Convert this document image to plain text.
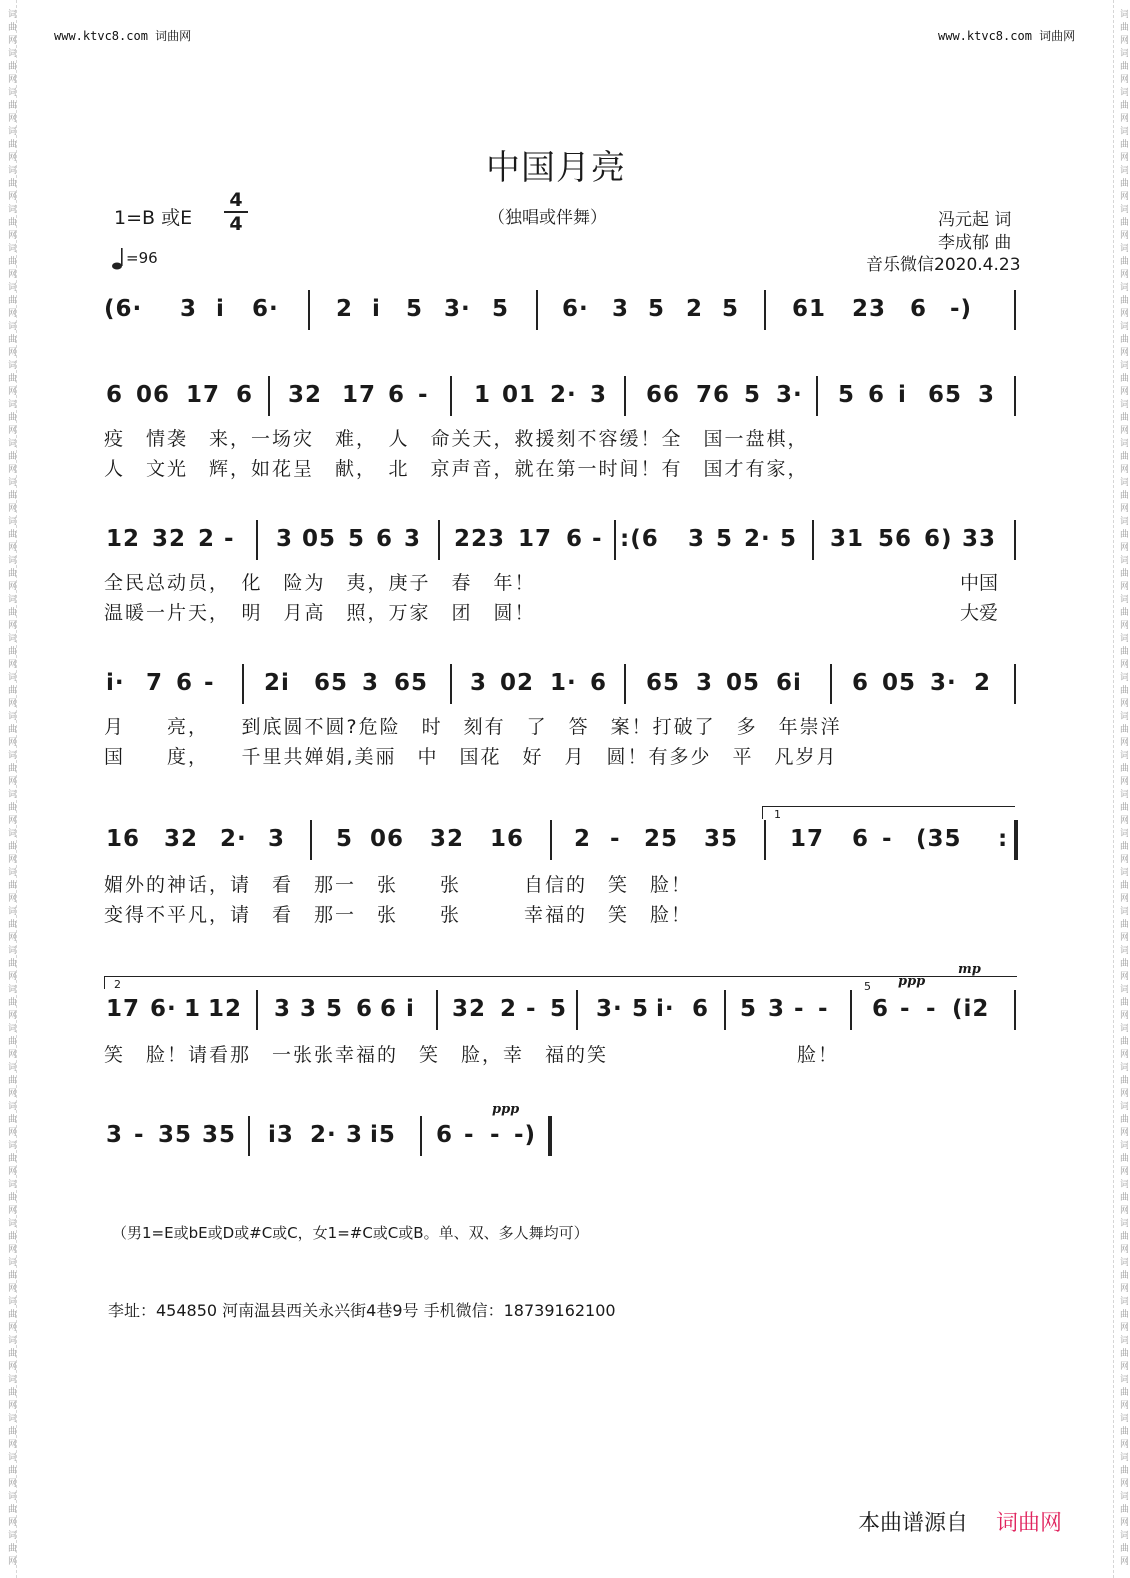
词曲网词曲网词曲网词曲网词曲网词曲网词曲网词曲网词曲网词曲网词曲网词曲网词曲网词曲网词曲网词曲网词曲网词曲网词曲网词曲网词曲网词曲网词曲网词曲网词曲网词曲网词曲网词曲网词曲网词曲网词曲网词曲网词曲网词曲网词曲网词曲网词曲网词曲网词曲网词曲网	词曲网词曲网词曲网词曲网词曲网词曲网词曲网词曲网词曲网词曲网词曲网词曲网词曲网词曲网词曲网词曲网词曲网词曲网词曲网词曲网词曲网词曲网词曲网词曲网词曲网词曲网词曲网词曲网词曲网词曲网词曲网词曲网词曲网词曲网词曲网词曲网词曲网词曲网词曲网词曲网
www.ktvc8.com 词曲网	www.ktvc8.com 词曲网
中国月亮
（独唱或伴舞）
1=B 或E
4
4
=96
冯元起 词
李成郁 曲
音乐微信2020.4.23
(6· 3 i 6· 2 i 5 3· 5 6· 3 5 2 5 61 23 6 -)
6 06 17 6 32 17 6 - 1 01 2· 3 66 76 5 3· 5 6 i 65 3
疫　情袭　来，一场灾　难，　人　命关天，救援刻不容缓！全　国一盘棋，
人　文光　辉，如花呈　献，　北　京声音，就在第一时间！有　国才有家，
12 32 2 - 3 05 5 6 3 223 17 6 - :(6 3 5 2· 5 31 56 6) 33
全民总动员，　化　险为　夷，庚子　春　年！	中国
温暖一片天，　明　月高　照，万家　团　圆！	大爱
i· 7 6 - 2i 65 3 65 3 02 1· 6 65 3 05 6i 6 05 3· 2
月　　亮，　　到底圆不圆?危险　时　刻有　了　答　案！打破了　多　年崇洋
国　　度，　　千里共婵娟,美丽　中　国花　好　月　圆！有多少　平　凡岁月
1
16 32 2· 3 5 06 32 16 2 - 25 35 17 6 - (35 :
媚外的神话，请　看　那一　张　　张　　　自信的　笑　脸！
变得不平凡，请　看　那一　张　　张　　　幸福的　笑　脸！
2	5 ppp
mp
17 6· 1 12 3 3 5 6 6 i 32 2 - 5 3· 5 i· 6 5 3 - - 6 - - (i2
笑　脸！请看那　一张张幸福的　笑　脸，幸　福的笑　　　　　　　　　脸！
ppp
3 - 35 35 i3 2· 3 i5 6 - - -)
（男1=E或bE或D或#C或C，女1=#C或C或B。单、双、多人舞均可）
李址：454850 河南温县西关永兴街4巷9号 手机微信：18739162100
本曲谱源自 词曲网
